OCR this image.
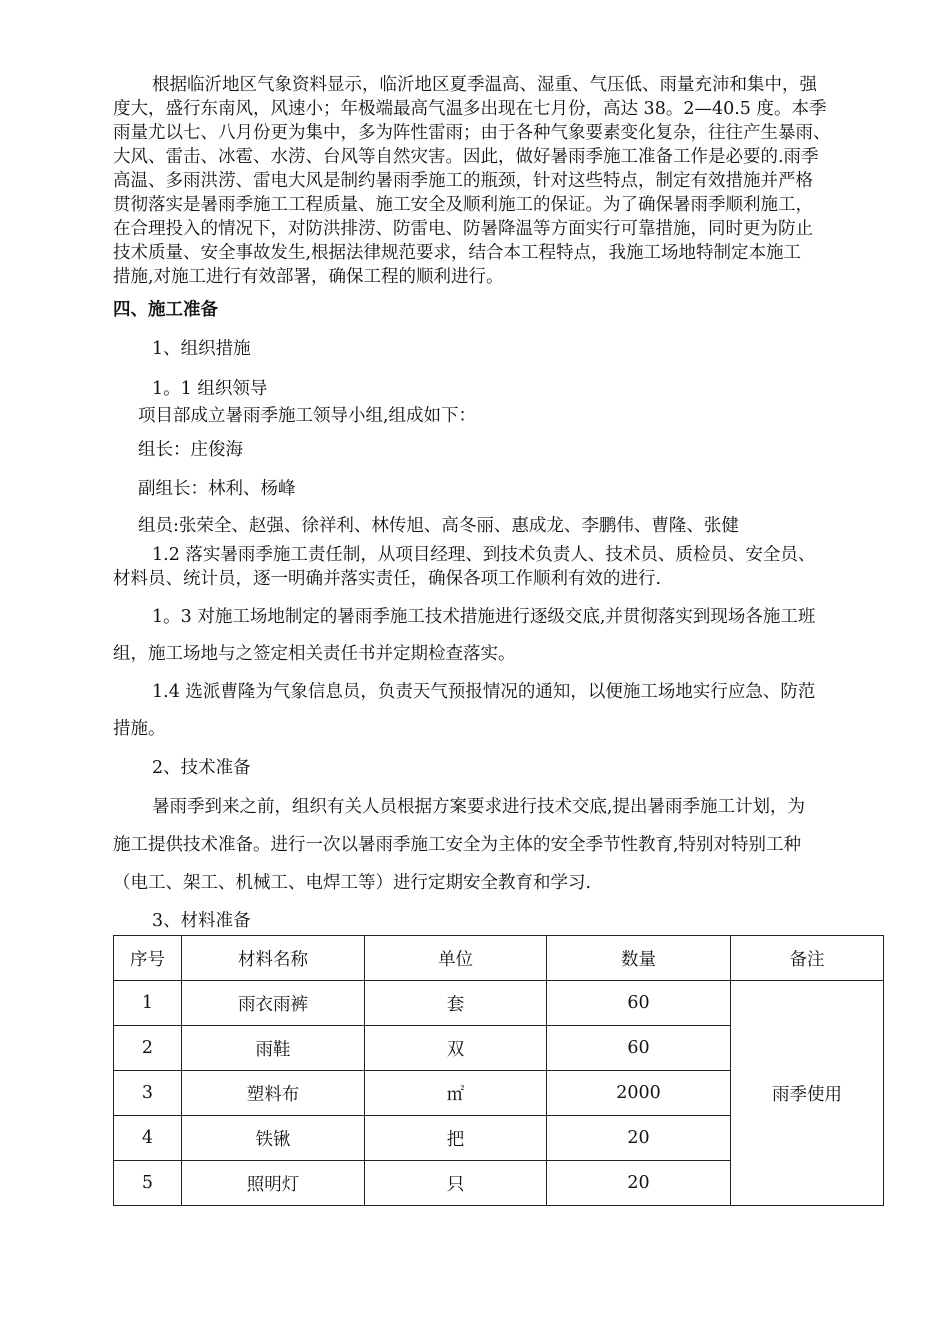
根据临沂地区气象资料显示，临沂地区夏季温高、湿重、气压低、雨量充沛和集中，强
度大，盛行东南风，风速小；年极端最高气温多出现在七月份，高达 38。2—40.5 度。本季
雨量尤以七、八月份更为集中，多为阵性雷雨；由于各种气象要素变化复杂，往往产生暴雨、
大风、雷击、冰雹、水涝、台风等自然灾害。因此，做好暑雨季施工准备工作是必要的.雨季
高温、多雨洪涝、雷电大风是制约暑雨季施工的瓶颈，针对这些特点，制定有效措施并严格
贯彻落实是暑雨季施工工程质量、施工安全及顺利施工的保证。为了确保暑雨季顺利施工，
在合理投入的情况下，对防洪排涝、防雷电、防暑降温等方面实行可靠措施，同时更为防止
技术质量、安全事故发生,根据法律规范要求，结合本工程特点，我施工场地特制定本施工
措施,对施工进行有效部署，确保工程的顺利进行。
四、施工准备
1、组织措施
1。1 组织领导
项目部成立暑雨季施工领导小组,组成如下：
组长：庄俊海
副组长：林利、杨峰
组员:张荣全、赵强、徐祥利、林传旭、高冬丽、惠成龙、李鹏伟、曹隆、张健
1.2 落实暑雨季施工责任制，从项目经理、到技术负责人、技术员、质检员、安全员、
材料员、统计员，逐一明确并落实责任，确保各项工作顺利有效的进行.
1。3 对施工场地制定的暑雨季施工技术措施进行逐级交底,并贯彻落实到现场各施工班
组，施工场地与之签定相关责任书并定期检查落实。
1.4 选派曹隆为气象信息员，负责天气预报情况的通知，以便施工场地实行应急、防范
措施。
2、技术准备
暑雨季到来之前，组织有关人员根据方案要求进行技术交底,提出暑雨季施工计划，为
施工提供技术准备。进行一次以暑雨季施工安全为主体的安全季节性教育,特别对特别工种
（电工、架工、机械工、电焊工等）进行定期安全教育和学习.
3、材料准备
序号	材料名称	单位	数量	备注
1	雨衣雨裤	套	60	雨季使用
2	雨鞋	双	60	
3	塑料布	㎡	2000	
4	铁锹	把	20	
5	照明灯	只	20	
